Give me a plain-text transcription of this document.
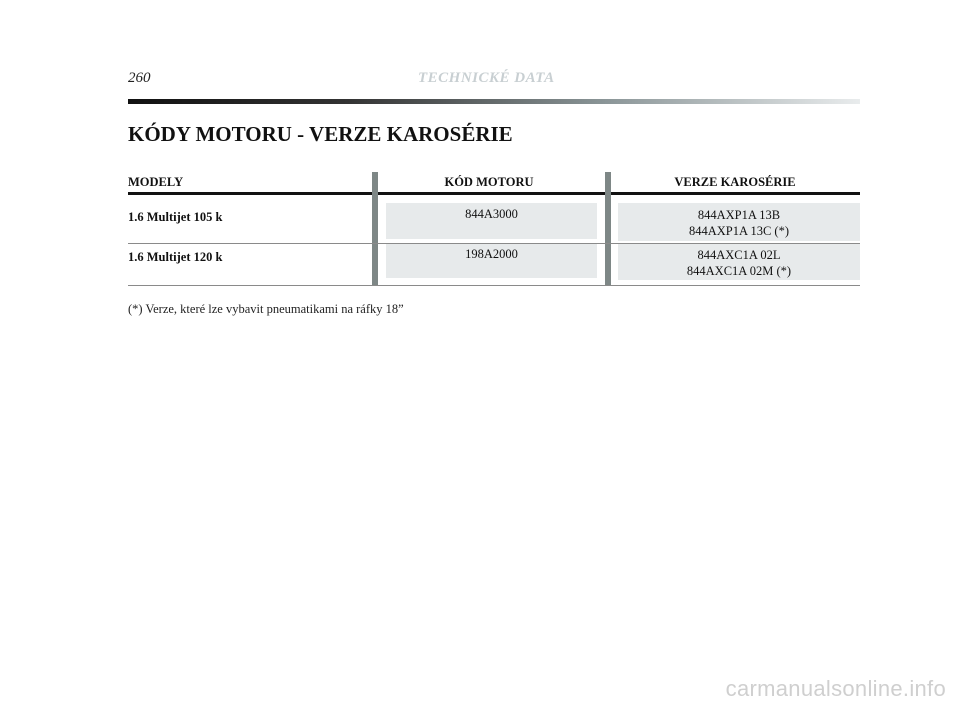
260	TECHNICKÉ DATA
KÓDY MOTORU - VERZE KAROSÉRIE
MODELY	KÓD MOTORU	VERZE KAROSÉRIE
1.6 Multijet 105 k	844A3000	844AXP1A 13B
844AXP1A 13C (*)
1.6 Multijet 120 k	198A2000	844AXC1A 02L
844AXC1A 02M (*)
(*) Verze, které lze vybavit pneumatikami na ráfky 18”
carmanualsonline.info
